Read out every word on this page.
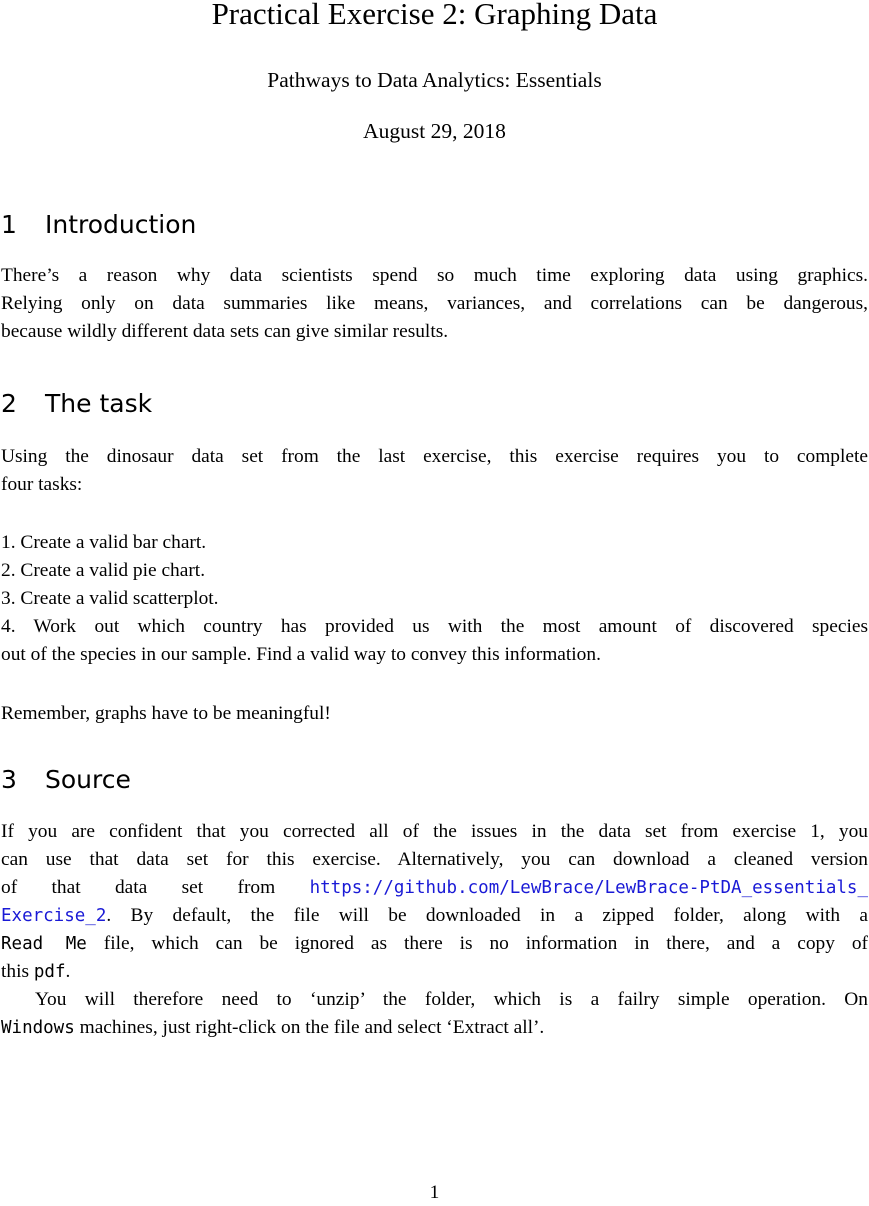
Practical Exercise 2: Graphing Data

Pathways to Data Analytics: Essentials

August 29, 2018

1 Introduction
There’s a reason why data scientists spend so much time exploring data using graphics.
Relying only on data summaries like means, variances, and correlations can be dangerous,
because wildly different data sets can give similar results.
2 The task
Using the dinosaur data set from the last exercise, this exercise requires you to complete
four tasks:

1. Create a valid bar chart.

2. Create a valid pie chart.

3. Create a valid scatterplot.

4. Work out which country has provided us with the most amount of discovered species
out of the species in our sample. Find a valid way to convey this information.

Remember, graphs have to be meaningful!

3 Source
If you are confident that you corrected all of the issues in the data set from exercise 1, you
can use that data set for this exercise. Alternatively, you can download a cleaned version
of that data set from https://github.com/LewBrace/LewBrace-PtDA_essentials_
Exercise_2. By default, the file will be downloaded in a zipped folder, along with a
Read Me file, which can be ignored as there is no information in there, and a copy of
this pdf.
You will therefore need to ‘unzip’ the folder, which is a failry simple operation. On
Windows machines, just right-click on the file and select ‘Extract all’.

1
